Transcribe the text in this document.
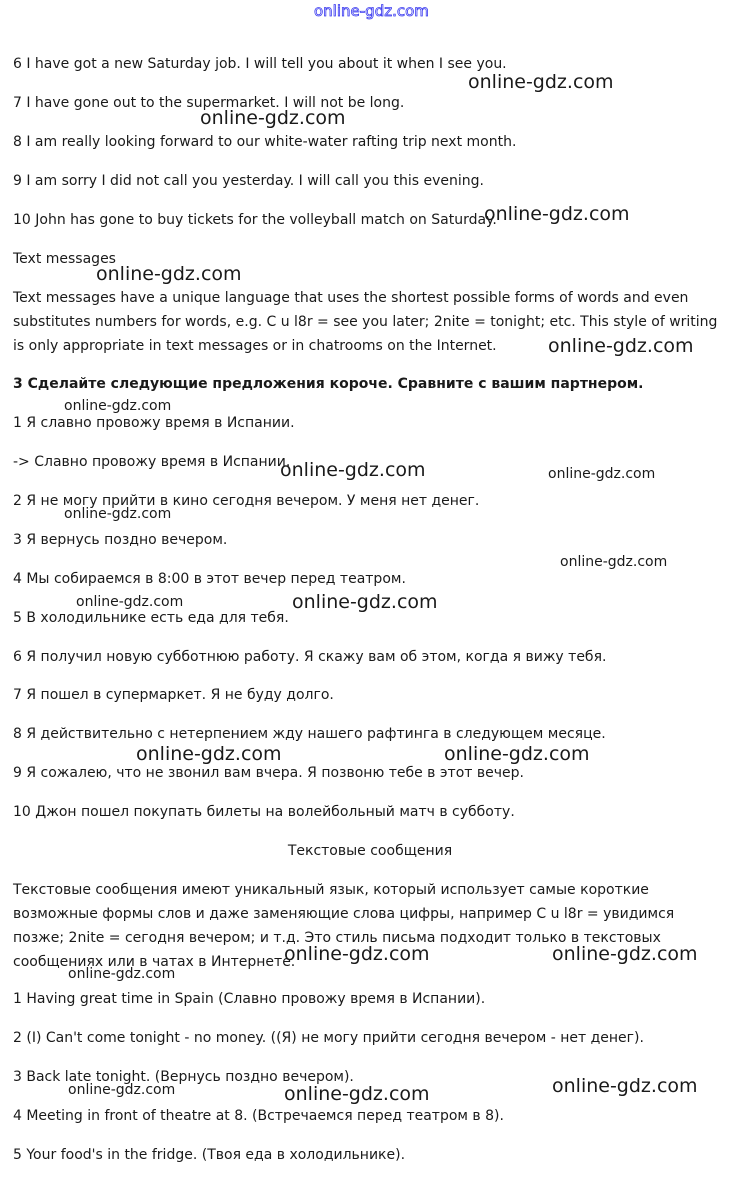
online-gdz.com

6 I have got a new Saturday job. I will tell you about it when I see you.

7 I have gone out to the supermarket. I will not be long.

8 I am really looking forward to our white-water rafting trip next month.

9 I am sorry I did not call you yesterday. I will call you this evening.

10 John has gone to buy tickets for the volleyball match on Saturday.

Text messages

Text messages have a unique language that uses the shortest possible forms of words and even substitutes numbers for words, e.g. C u l8r = see you later; 2nite = tonight; etc. This style of writing is only appropriate in text messages or in chatrooms on the Internet.

3 Сделайте следующие предложения короче. Сравните с вашим партнером.

1 Я славно провожу время в Испании.

-> Славно провожу время в Испании.

2 Я не могу прийти в кино сегодня вечером. У меня нет денег.

3 Я вернусь поздно вечером.

4 Мы собираемся в 8:00 в этот вечер перед театром.

5 В холодильнике есть еда для тебя.

6 Я получил новую субботнюю работу. Я скажу вам об этом, когда я вижу тебя.

7 Я пошел в супермаркет. Я не буду долго.

8 Я действительно с нетерпением жду нашего рафтинга в следующем месяце.

9 Я сожалею, что не звонил вам вчера. Я позвоню тебе в этот вечер.

10 Джон пошел покупать билеты на волейбольный матч в субботу.

Текстовые сообщения

Текстовые сообщения имеют уникальный язык, который использует самые короткие возможные формы слов и даже заменяющие слова цифры, например C u l8r = увидимся позже; 2nite = сегодня вечером; и т.д. Это стиль письма подходит только в текстовых сообщениях или в чатах в Интернете.

1 Having great time in Spain (Славно провожу время в Испании).

2 (I) Can't come tonight - no money. ((Я) не могу прийти сегодня вечером - нет денег).

3 Back late tonight. (Вернусь поздно вечером).

4 Meeting in front of theatre at 8. (Встречаемся перед театром в 8).

5 Your food's in the fridge. (Твоя еда в холодильнике).

online-gdz.com
online-gdz.com
online-gdz.com
online-gdz.com
online-gdz.com
online-gdz.com
online-gdz.com
online-gdz.com	online-gdz.com
online-gdz.com	online-gdz.com
online-gdz.com
online-gdz.com
online-gdz.com
online-gdz.com
online-gdz.com
online-gdz.com
online-gdz.com
online-gdz.com
online-gdz.com
